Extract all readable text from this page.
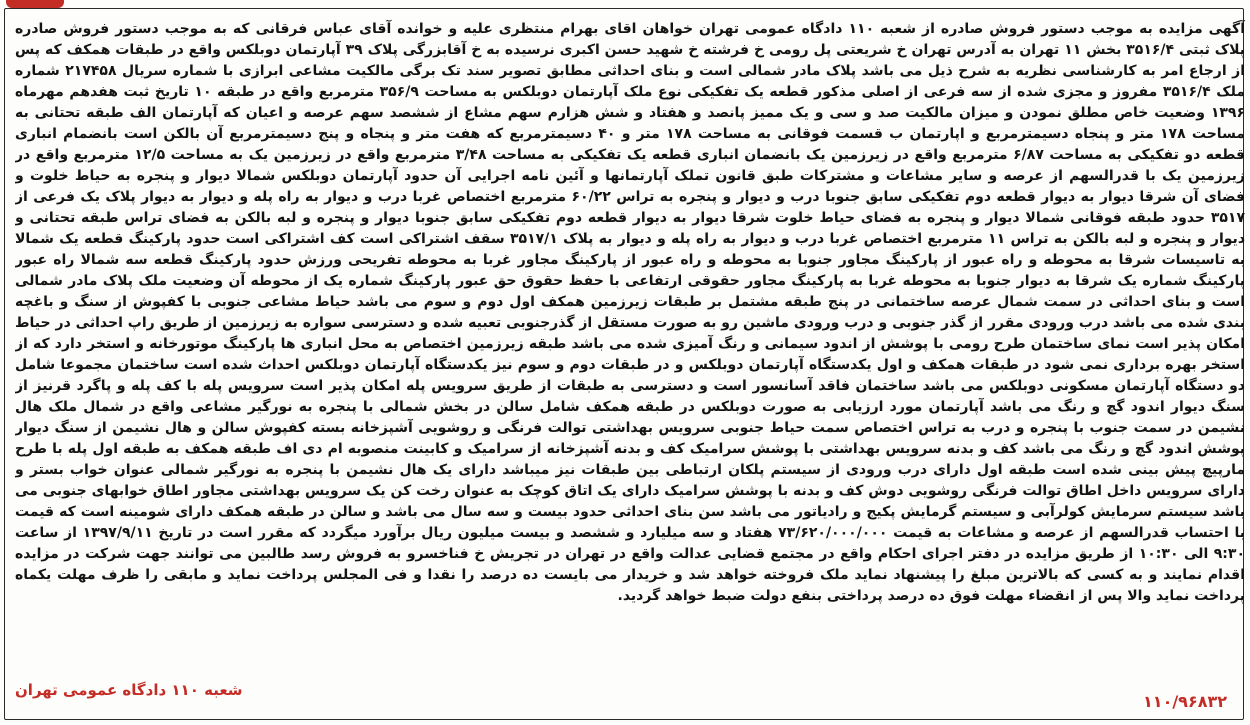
آگهی مزایده به موجب دستور فروش صادره از شعبه ۱۱۰ دادگاه عمومی تهران خواهان اقای بهرام منتظری علیه و خوانده آقای عباس فرقانی که به موجب دستور فروش صادره پلاک ثبتی ۳۵۱۶/۴ بخش ۱۱ تهران به آدرس تهران خ شریعتی پل رومی خ فرشته خ شهید حسن اکبری نرسیده به خ آقابزرگی پلاک ۳۹ آپارتمان دوبلکس واقع در طبقات همکف که پس از ارجاع امر به کارشناسی نظریه به شرح ذیل می باشد پلاک مادر شمالی است و بنای احداثی مطابق تصویر سند تک برگی مالکیت مشاعی ابرازی با شماره سریال ۲۱۷۴۵۸ شماره ملک ۳۵۱۶/۴ مفروز و مجزی شده از سه فرعی از اصلی مذکور قطعه یک تفکیکی نوع ملک آپارتمان دوبلکس به مساحت ۳۵۶/۹ مترمربع واقع در طبقه ۱۰ تاریخ ثبت هفدهم مهرماه ۱۳۹۶ وضعیت خاص مطلق نمودن و میزان مالکیت صد و سی و یک ممیز پانصد و هفتاد و شش هزارم سهم مشاع از ششصد سهم عرصه و اعیان که آپارتمان الف طبقه تحتانی به مساحت ۱۷۸ متر و پنجاه دسیمترمربع و اپارتمان ب قسمت فوقانی به مساحت ۱۷۸ متر و ۴۰ دسیمترمربع که هفت متر و پنجاه و پنج دسیمترمربع آن بالکن است بانضمام انباری قطعه دو تفکیکی به مساحت ۶/۸۷ مترمربع واقع در زیرزمین یک بانضمان انباری قطعه یک تفکیکی به مساحت ۳/۴۸ مترمربع واقع در زیرزمین یک به مساحت ۱۲/۵ مترمربع واقع در زیرزمین یک با قدرالسهم از عرصه و سایر مشاعات و مشترکات طبق قانون تملک آپارتمانها و آئین نامه اجرایی آن حدود آپارتمان دوبلکس شمالا دیوار و پنجره به حیاط خلوت و فضای آن شرقا دیوار به دیوار قطعه دوم تفکیکی سابق جنوبا درب و دیوار و پنجره به تراس ۶۰/۲۲ مترمربع اختصاص غربا درب و دیوار به راه پله و دیوار به دیوار پلاک یک فرعی از ۳۵۱۷ حدود طبقه فوقانی شمالا دیوار و پنجره به فضای حیاط خلوت شرقا دیوار به دیوار قطعه دوم تفکیکی سابق جنوبا دیوار و پنجره و لبه بالکن به فضای تراس طبقه تحتانی و دیوار و پنجره و لبه بالکن به تراس ۱۱ مترمربع اختصاص غربا درب و دیوار به راه پله و دیوار به پلاک ۳۵۱۷/۱ سقف اشتراکی است کف اشتراکی است حدود پارکینگ قطعه یک شمالا به تاسیسات شرقا به محوطه و راه عبور از پارکینگ مجاور جنوبا به محوطه و راه عبور از پارکینگ مجاور غربا به محوطه تفریحی ورزش حدود پارکینگ قطعه سه شمالا راه عبور پارکینگ شماره یک شرقا به دیوار جنوبا به محوطه غربا به پارکینگ مجاور حقوقی ارتفاعی با حفظ حقوق حق عبور پارکینگ شماره یک از محوطه آن وضعیت ملک پلاک مادر شمالی است و بنای احداثی در سمت شمال عرصه ساختمانی در پنج طبقه مشتمل بر طبقات زیرزمین همکف اول دوم و سوم می باشد حیاط مشاعی جنوبی با کفپوش از سنگ و باغچه بندی شده می باشد درب ورودی مقرر از گذر جنوبی و درب ورودی ماشین رو به صورت مستقل از گذرجنوبی تعبیه شده و دسترسی سواره به زیرزمین از طریق راپ احداثی در حیاط امکان پذیر است نمای ساختمان طرح رومی با پوشش از اندود سیمانی و رنگ آمیزی شده می باشد طبقه زیرزمین اختصاص به محل انباری ها پارکینگ موتورخانه و استخر دارد که از استخر بهره برداری نمی شود در طبقات همکف و اول یکدستگاه آپارتمان دوبلکس و در طبقات دوم و سوم نیز یکدستگاه آپارتمان دوبلکس احداث شده است ساختمان مجموعا شامل دو دستگاه آپارتمان مسکونی دوبلکس می باشد ساختمان فاقد آسانسور است و دسترسی به طبقات از طریق سرویس پله امکان پذیر است سرویس پله با کف پله و پاگرد قرنیز از سنگ دیوار اندود گچ و رنگ می باشد آپارتمان مورد ارزیابی به صورت دوبلکس در طبقه همکف شامل سالن در بخش شمالی با پنجره به نورگیر مشاعی واقع در شمال ملک هال نشیمن در سمت جنوب با پنجره و درب به تراس اختصاص سمت حیاط جنوبی سرویس بهداشتی توالت فرنگی و روشویی آشپزخانه بسته کفپوش سالن و هال نشیمن از سنگ دیوار پوشش اندود گچ و رنگ می باشد کف و بدنه سرویس بهداشتی با پوشش سرامیک کف و بدنه آشپزخانه از سرامیک و کابینت منصوبه ام دی اف طبقه همکف به طبقه اول پله با طرح مارپیچ پیش بینی شده است طبقه اول دارای درب ورودی از سیستم پلکان ارتباطی بین طبقات نیز میباشد دارای یک هال نشیمن با پنجره به نورگیر شمالی عنوان خواب بستر و دارای سرویس داخل اطاق توالت فرنگی روشویی دوش کف و بدنه با پوشش سرامیک دارای یک اتاق کوچک به عنوان رخت کن یک سرویس بهداشتی مجاور اطاق خوابهای جنوبی می باشد سیستم سرمایش کولرآبی و سیستم گرمایش پکیج و رادیاتور می باشد سن بنای احداثی حدود بیست و سه سال می باشد و سالن در طبقه همکف دارای شومینه است که قیمت با احتساب قدرالسهم از عرصه و مشاعات به قیمت ۷۳/۶۲۰/۰۰۰/۰۰۰ هفتاد و سه میلیارد و ششصد و بیست میلیون ریال برآورد میگردد که مقرر است در تاریخ ۱۳۹۷/۹/۱۱ از ساعت ۹:۳۰ الی ۱۰:۳۰ از طریق مزایده در دفتر اجرای احکام واقع در مجتمع قضایی عدالت واقع در تهران در تجریش خ فناخسرو به فروش رسد طالبین می توانند جهت شرکت در مزایده اقدام نمایند و به کسی که بالاترین مبلغ را پیشنهاد نماید ملک فروخته خواهد شد و خریدار می بایست ده درصد را نقدا و فی المجلس پرداخت نماید و مابقی را ظرف مهلت یکماه پرداخت نماید والا پس از انقضاء مهلت فوق ده درصد پرداختی بنفع دولت ضبط خواهد گردید.

شعبه ۱۱۰ دادگاه عمومی تهران
۱۱۰/۹۶۸۳۲
